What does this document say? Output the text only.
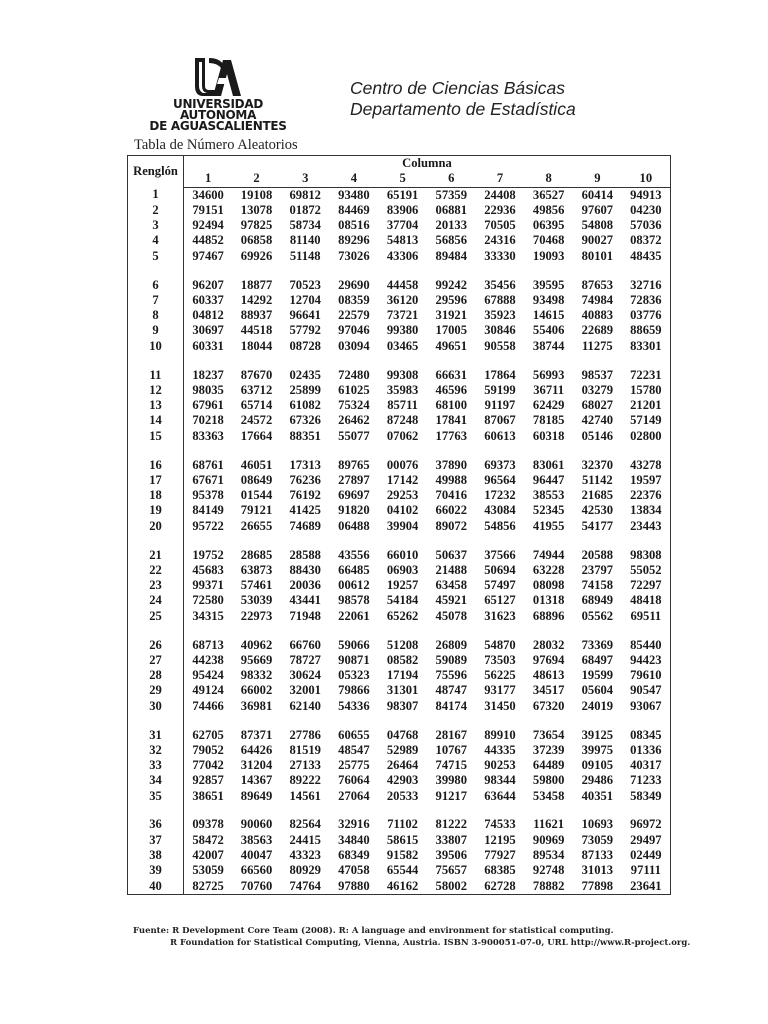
UNIVERSIDAD AUTONOMA
DE AGUASCALIENTES
Centro de Ciencias Básicas
Departamento de Estadística
Tabla de Número Aleatorios
Renglón	Columna									
	1	2	3	4	5	6	7	8	9	10
1	34600	19108	69812	93480	65191	57359	24408	36527	60414	94913
2	79151	13078	01872	84469	83906	06881	22936	49856	97607	04230
3	92494	97825	58734	08516	37704	20133	70505	06395	54808	57036
4	44852	06858	81140	89296	54813	56856	24316	70468	90027	08372
5	97467	69926	51148	73026	43306	89484	33330	19093	80101	48435

6	96207	18877	70523	29690	44458	99242	35456	39595	87653	32716
7	60337	14292	12704	08359	36120	29596	67888	93498	74984	72836
8	04812	88937	96641	22579	73721	31921	35923	14615	40883	03776
9	30697	44518	57792	97046	99380	17005	30846	55406	22689	88659
10	60331	18044	08728	03094	03465	49651	90558	38744	11275	83301

11	18237	87670	02435	72480	99308	66631	17864	56993	98537	72231
12	98035	63712	25899	61025	35983	46596	59199	36711	03279	15780
13	67961	65714	61082	75324	85711	68100	91197	62429	68027	21201
14	70218	24572	67326	26462	87248	17841	87067	78185	42740	57149
15	83363	17664	88351	55077	07062	17763	60613	60318	05146	02800

16	68761	46051	17313	89765	00076	37890	69373	83061	32370	43278
17	67671	08649	76236	27897	17142	49988	96564	96447	51142	19597
18	95378	01544	76192	69697	29253	70416	17232	38553	21685	22376
19	84149	79121	41425	91820	04102	66022	43084	52345	42530	13834
20	95722	26655	74689	06488	39904	89072	54856	41955	54177	23443

21	19752	28685	28588	43556	66010	50637	37566	74944	20588	98308
22	45683	63873	88430	66485	06903	21488	50694	63228	23797	55052
23	99371	57461	20036	00612	19257	63458	57497	08098	74158	72297
24	72580	53039	43441	98578	54184	45921	65127	01318	68949	48418
25	34315	22973	71948	22061	65262	45078	31623	68896	05562	69511

26	68713	40962	66760	59066	51208	26809	54870	28032	73369	85440
27	44238	95669	78727	90871	08582	59089	73503	97694	68497	94423
28	95424	98332	30624	05323	17194	75596	56225	48613	19599	79610
29	49124	66002	32001	79866	31301	48747	93177	34517	05604	90547
30	74466	36981	62140	54336	98307	84174	31450	67320	24019	93067

31	62705	87371	27786	60655	04768	28167	89910	73654	39125	08345
32	79052	64426	81519	48547	52989	10767	44335	37239	39975	01336
33	77042	31204	27133	25775	26464	74715	90253	64489	09105	40317
34	92857	14367	89222	76064	42903	39980	98344	59800	29486	71233
35	38651	89649	14561	27064	20533	91217	63644	53458	40351	58349

36	09378	90060	82564	32916	71102	81222	74533	11621	10693	96972
37	58472	38563	24415	34840	58615	33807	12195	90969	73059	29497
38	42007	40047	43323	68349	91582	39506	77927	89534	87133	02449
39	53059	66560	80929	47058	65544	75657	68385	92748	31013	97111
40	82725	70760	74764	97880	46162	58002	62728	78882	77898	23641
Fuente: R Development Core Team (2008). R: A language and environment for statistical computing.
R Foundation for Statistical Computing, Vienna, Austria. ISBN 3-900051-07-0, URL http://www.R-project.org.
